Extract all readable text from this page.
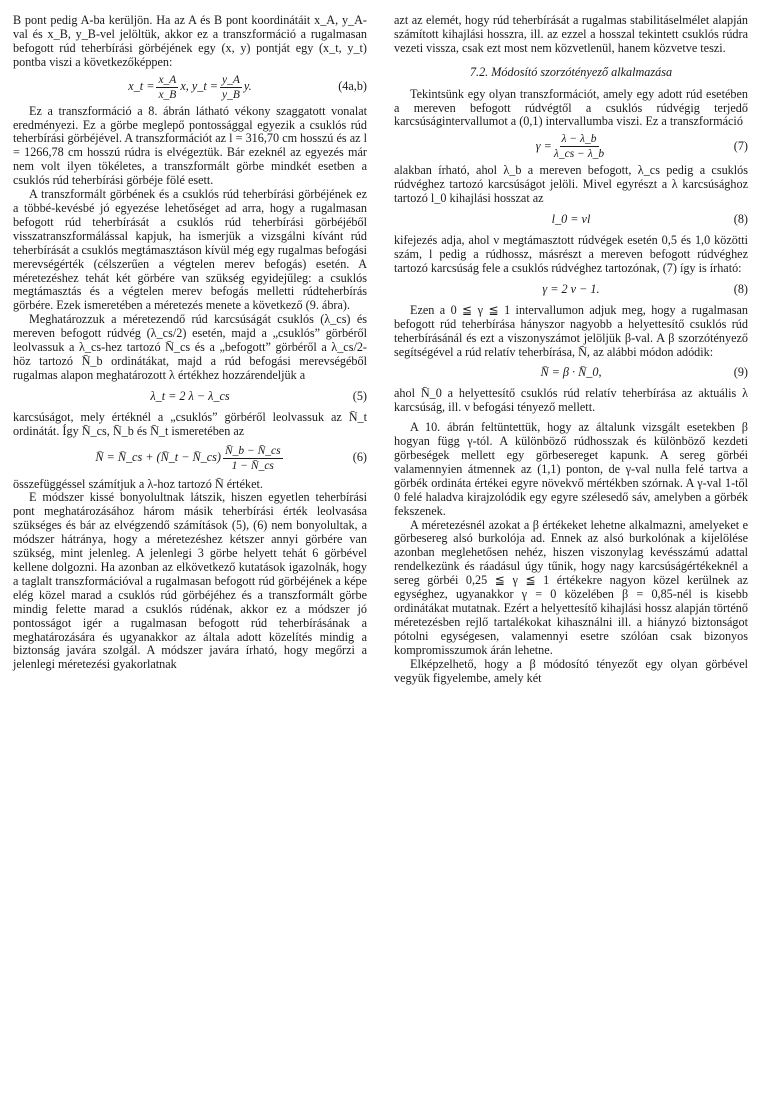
B pont pedig A-ba kerüljön. Ha az A és B pont koordinátáit x_A, y_A-val és x_B, y_B-vel jelöltük, akkor ez a transzformáció a rugalmasan befogott rúd teherbírási görbéjének egy (x, y) pontját egy (x_t, y_t) pontba viszi a következőképpen:

x_t = $\frac{x\_A}{x\_B} x$, y_t = $\frac{y\_A}{y\_B} y$.	(4a,b)

Ez a transzformáció a 8. ábrán látható vékony szaggatott vonalat eredményezi. Ez a görbe meglepő pontossággal egyezik a csuklós rúd teherbírási görbéjével. A transzformációt az l = 316,70 cm hosszú és az l = 1266,78 cm hosszú rúdra is elvégeztük. Bár ezeknél az egyezés már nem volt ilyen tökéletes, a transzformált görbe mindkét esetben a csuklós rúd teherbírási görbéje fölé esett.

A transzformált görbének és a csuklós rúd teherbírási görbéjének ez a többé-kevésbé jó egyezése lehetőséget ad arra, hogy a rugalmasan befogott rúd teherbírását a csuklós rúd teherbírási görbéjéből visszatranszformálással kapjuk, ha ismerjük a vizsgálni kívánt rúd teherbírását a csuklós megtámasztáson kívül még egy rugalmas befogási merevségérték (célszerűen a végtelen merev befogás) esetén. A méretezéshez tehát két görbére van szükség egyidejűleg: a csuklós megtámasztás és a végtelen merev befogás melletti rúdteherbírás görbére. Ezek ismeretében a méretezés menete a következő (9. ábra).

Meghatározzuk a méretezendő rúd karcsúságát csuklós (λ_cs) és mereven befogott rúdvég (λ_cs/2) esetén, majd a „csuklós” görbéről leolvassuk a λ_cs-hez tartozó N̄_cs és a „befogott” görbéről a λ_cs/2-höz tartozó N̄_b ordinátákat, majd a rúd befogási merevségéből rugalmas alapon meghatározott λ értékhez hozzárendeljük a

λ_t = 2 λ − λ_cs	(5)

karcsúságot, mely értéknél a „csuklós” görbéről leolvassuk az N̄_t ordinátát. Így N̄_cs, N̄_b és N̄_t ismeretében az

N̄ = N̄_cs + (N̄_t − N̄_cs) $\frac{N̄\_b - N̄\_cs}{1 - N̄\_cs}$	(6)

összefüggéssel számítjuk a λ-hoz tartozó N̄ értéket.

E módszer kissé bonyolultnak látszik, hiszen egyetlen teherbírási pont meghatározásához három másik teherbírási érték leolvasása szükséges és bár az elvégzendő számítások (5), (6) nem bonyolultak, a módszer hátránya, hogy a méretezéshez kétszer annyi görbére van szükség, mint jelenleg. A jelenlegi 3 görbe helyett tehát 6 görbével kellene dolgozni. Ha azonban az elkövetkező kutatások igazolnák, hogy a taglalt transzformációval a rugalmasan befogott rúd görbéjének a képe elég közel marad a csuklós rúd görbéjéhez és a transzformált görbe mindig felette marad a csuklós rúdénak, akkor ez a módszer jó pontosságot igér a rugalmasan befogott rúd teherbírásának a meghatározására és ugyanakkor az általa adott közelítés mindig a biztonság javára szolgál. A módszer javára írható, hogy megőrzi a jelenlegi méretezési gyakorlatnak

azt az elemét, hogy rúd teherbírását a rugalmas stabilitáselmélet alapján számított kihajlási hosszra, ill. az ezzel a hosszal tekintett csuklós rúdra vezeti vissza, csak ezt most nem közvetlenül, hanem közvetve teszi.

7.2. Módosító szorzótényező alkalmazása

Tekintsünk egy olyan transzformációt, amely egy adott rúd esetében a mereven befogott rúdvégtől a csuklós rúdvégig terjedő karcsúságintervallumot a (0,1) intervallumba viszi. Ez a transzformáció

$\gamma = \frac{\lambda - \lambda\_b}{\lambda\_cs - \lambda\_b}$	(7)

alakban írható, ahol λ_b a mereven befogott, λ_cs pedig a csuklós rúdvéghez tartozó karcsúságot jelöli. Mivel egyrészt a λ karcsúsághoz tartozó l_0 kihajlási hosszat az

l_0 = νl	(8)

kifejezés adja, ahol ν megtámasztott rúdvégek esetén 0,5 és 1,0 közötti szám, l pedig a rúdhossz, másrészt a mereven befogott rúdvéghez tartozó karcsúság fele a csuklós rúdvéghez tartozónak, (7) így is írható:

γ = 2 ν − 1.	(8)

Ezen a 0 ≦ γ ≦ 1 intervallumon adjuk meg, hogy a rugalmasan befogott rúd teherbírása hányszor nagyobb a helyettesítő csuklós rúd teherbírásánál és ezt a viszonyszámot jelöljük β-val. A β szorzótényező segítségével a rúd relatív teherbírása, N̄, az alábbi módon adódik:

N̄ = β · N̄_0,	(9)

ahol N̄_0 a helyettesítő csuklós rúd relatív teherbírása az aktuális λ karcsúság, ill. ν befogási tényező mellett.

A 10. ábrán feltüntettük, hogy az általunk vizsgált esetekben β hogyan függ γ-tól. A különböző rúdhosszak és különböző kezdeti görbeségek mellett egy görbesereget kapunk. A sereg görbéi valamennyien átmennek az (1,1) ponton, de γ-val nulla felé tartva a görbék ordináta értékei egyre növekvő mértékben szórnak. A γ-val 1-től 0 felé haladva kirajzolódik egy egyre szélesedő sáv, amelyben a görbék fekszenek.

A méretezésnél azokat a β értékeket lehetne alkalmazni, amelyeket e görbesereg alsó burkolója ad. Ennek az alsó burkolónak a kijelölése azonban meglehetősen nehéz, hiszen viszonylag kevésszámú adattal rendelkezünk és ráadásul úgy tűnik, hogy nagy karcsúságértékeknél a sereg görbéi 0,25 ≦ γ ≦ 1 értékekre nagyon közel kerülnek az egységhez, ugyanakkor γ = 0 közelében β = 0,85-nél is kisebb ordinátákat mutatnak. Ezért a helyettesítő kihajlási hossz alapján történő méretezésben rejlő tartalékokat kihasználni ill. a hiányzó biztonságot pótolni egységesen, valamennyi esetre szólóan csak bizonyos kompromisszumok árán lehetne.

Elképzelhető, hogy a β módosító tényezőt egy olyan görbével vegyük figyelembe, amely két
